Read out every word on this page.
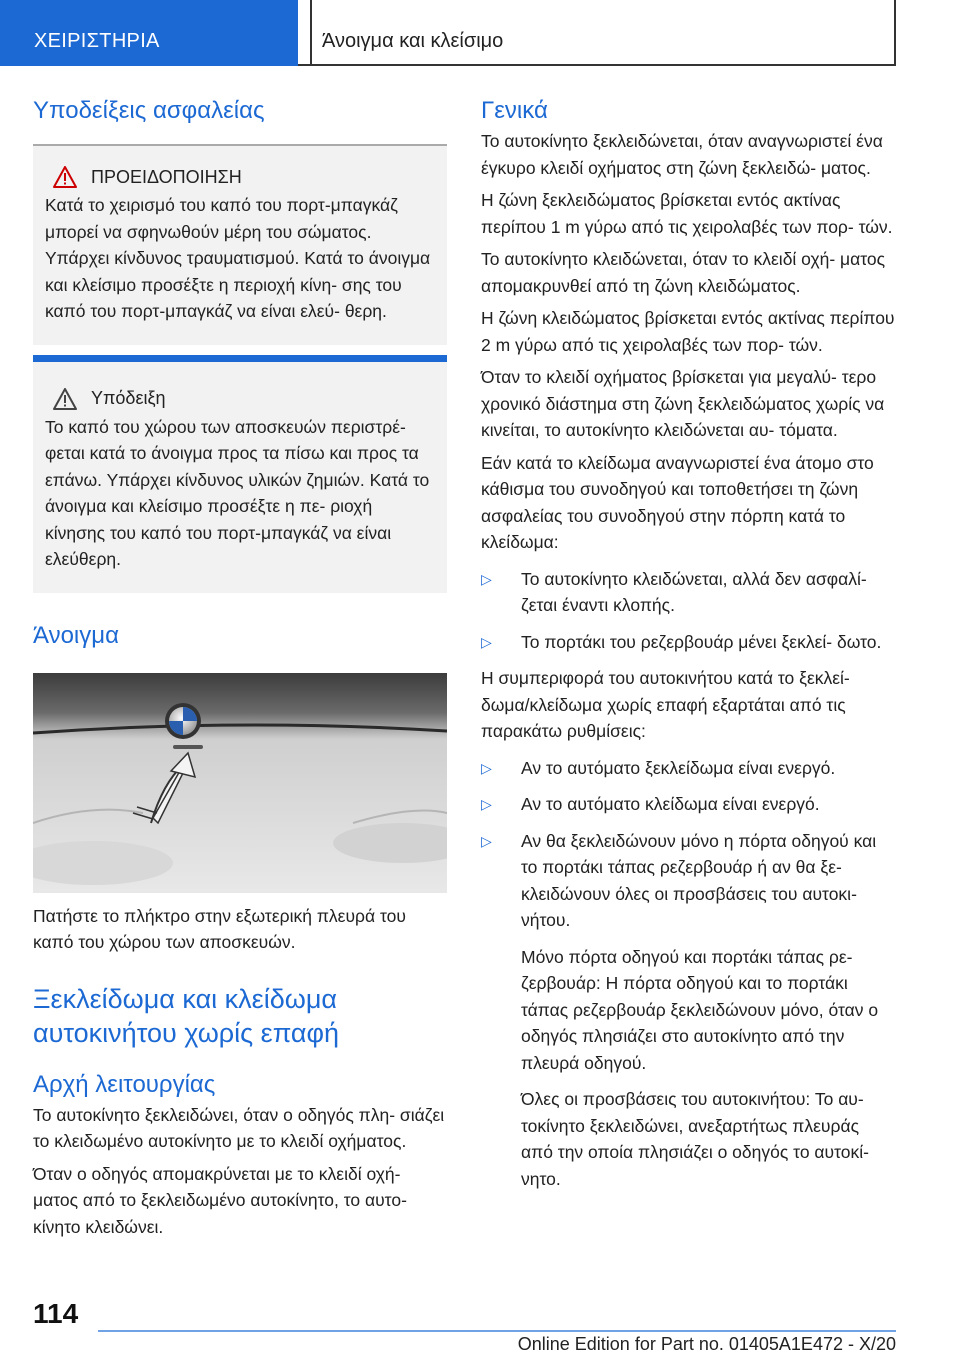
ΧΕΙΡΙΣΤΗΡΙΑ	Άνοιγμα και κλείσιμο
Υποδείξεις ασφαλείας
ΠΡΟΕΙΔΟΠΟΙΗΣΗ

Κατά το χειρισμό του καπό του πορτ-μπαγκάζ μπορεί να σφηνωθούν μέρη του σώματος. Υπάρχει κίνδυνος τραυματισμού. Κατά το άνοιγμα και κλείσιμο προσέξτε η περιοχή κίνη- σης του καπό του πορτ-μπαγκάζ να είναι ελεύ- θερη.

Υπόδειξη

Το καπό του χώρου των αποσκευών περιστρέ- φεται κατά το άνοιγμα προς τα πίσω και προς τα επάνω. Υπάρχει κίνδυνος υλικών ζημιών. Κατά το άνοιγμα και κλείσιμο προσέξτε η πε- ριοχή κίνησης του καπό του πορτ-μπαγκάζ να είναι ελεύθερη.

Άνοιγμα

Πατήστε το πλήκτρο στην εξωτερική πλευρά του καπό του χώρου των αποσκευών.

Ξεκλείδωμα και κλείδωμα αυτοκινήτου χωρίς επαφή
Αρχή λειτουργίας

Το αυτοκίνητο ξεκλειδώνει, όταν ο οδηγός πλη- σιάζει το κλειδωμένο αυτοκίνητο με το κλειδί οχήματος.

Όταν ο οδηγός απομακρύνεται με το κλειδί οχή- ματος από το ξεκλειδωμένο αυτοκίνητο, το αυτο- κίνητο κλειδώνει.

Γενικά

Το αυτοκίνητο ξεκλειδώνεται, όταν αναγνωριστεί ένα έγκυρο κλειδί οχήματος στη ζώνη ξεκλειδώ- ματος.

Η ζώνη ξεκλειδώματος βρίσκεται εντός ακτίνας περίπου 1 m γύρω από τις χειρολαβές των πορ- τών.

Το αυτοκίνητο κλειδώνεται, όταν το κλειδί οχή- ματος απομακρυνθεί από τη ζώνη κλειδώματος.

Η ζώνη κλειδώματος βρίσκεται εντός ακτίνας περίπου 2 m γύρω από τις χειρολαβές των πορ- τών.

Όταν το κλειδί οχήματος βρίσκεται για μεγαλύ- τερο χρονικό διάστημα στη ζώνη ξεκλειδώματος χωρίς να κινείται, το αυτοκίνητο κλειδώνεται αυ- τόματα.

Εάν κατά το κλείδωμα αναγνωριστεί ένα άτομο στο κάθισμα του συνοδηγού και τοποθετήσει τη ζώνη ασφαλείας του συνοδηγού στην πόρπη κατά το κλείδωμα:

▷ Το αυτοκίνητο κλειδώνεται, αλλά δεν ασφαλί- ζεται έναντι κλοπής.
▷ Το πορτάκι του ρεζερβουάρ μένει ξεκλεί- δωτο.

Η συμπεριφορά του αυτοκινήτου κατά το ξεκλεί- δωμα/κλείδωμα χωρίς επαφή εξαρτάται από τις παρακάτω ρυθμίσεις:

▷ Αν το αυτόματο ξεκλείδωμα είναι ενεργό.
▷ Αν το αυτόματο κλείδωμα είναι ενεργό.
▷ Αν θα ξεκλειδώνουν μόνο η πόρτα οδηγού και το πορτάκι τάπας ρεζερβουάρ ή αν θα ξε- κλειδώνουν όλες οι προσβάσεις του αυτοκι- νήτου.

Μόνο πόρτα οδηγού και πορτάκι τάπας ρε- ζερβουάρ: Η πόρτα οδηγού και το πορτάκι τάπας ρεζερβουάρ ξεκλειδώνουν μόνο, όταν ο οδηγός πλησιάζει στο αυτοκίνητο από την πλευρά οδηγού.

Όλες οι προσβάσεις του αυτοκινήτου: Το αυ- τοκίνητο ξεκλειδώνει, ανεξαρτήτως πλευράς από την οποία πλησιάζει ο οδηγός το αυτοκί- νητο.

114
Online Edition for Part no. 01405A1E472 - X/20
